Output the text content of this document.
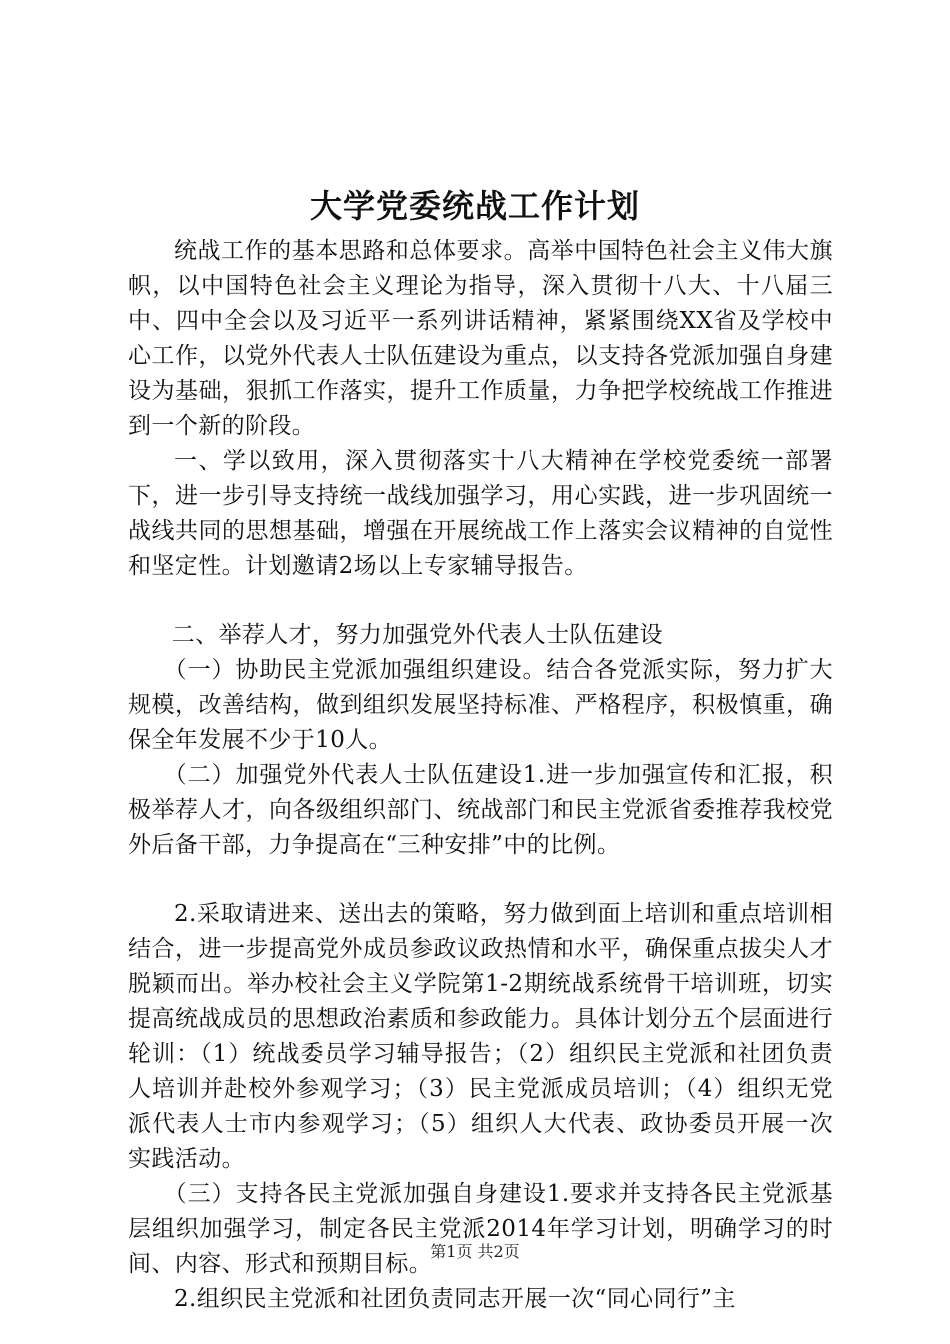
大学党委统战工作计划

统战工作的基本思路和总体要求。高举中国特色社会主义伟大旗帜，以中国特色社会主义理论为指导，深入贯彻十八大、十八届三中、四中全会以及习近平一系列讲话精神，紧紧围绕XX省及学校中心工作，以党外代表人士队伍建设为重点，以支持各党派加强自身建设为基础，狠抓工作落实，提升工作质量，力争把学校统战工作推进到一个新的阶段。

一、学以致用，深入贯彻落实十八大精神在学校党委统一部署下，进一步引导支持统一战线加强学习，用心实践，进一步巩固统一战线共同的思想基础，增强在开展统战工作上落实会议精神的自觉性和坚定性。计划邀请2场以上专家辅导报告。

二、举荐人才，努力加强党外代表人士队伍建设

（一）协助民主党派加强组织建设。结合各党派实际，努力扩大规模，改善结构，做到组织发展坚持标准、严格程序，积极慎重，确保全年发展不少于10人。

（二）加强党外代表人士队伍建设1.进一步加强宣传和汇报，积极举荐人才，向各级组织部门、统战部门和民主党派省委推荐我校党外后备干部，力争提高在“三种安排”中的比例。

2.采取请进来、送出去的策略，努力做到面上培训和重点培训相结合，进一步提高党外成员参政议政热情和水平，确保重点拔尖人才脱颖而出。举办校社会主义学院第1-2期统战系统骨干培训班，切实提高统战成员的思想政治素质和参政能力。具体计划分五个层面进行轮训：（1）统战委员学习辅导报告；（2）组织民主党派和社团负责人培训并赴校外参观学习；（3）民主党派成员培训；（4）组织无党派代表人士市内参观学习；（5）组织人大代表、政协委员开展一次实践活动。

（三）支持各民主党派加强自身建设1.要求并支持各民主党派基层组织加强学习，制定各民主党派2014年学习计划，明确学习的时间、内容、形式和预期目标。

2.组织民主党派和社团负责同志开展一次“同心同行”主

第1页 共2页
